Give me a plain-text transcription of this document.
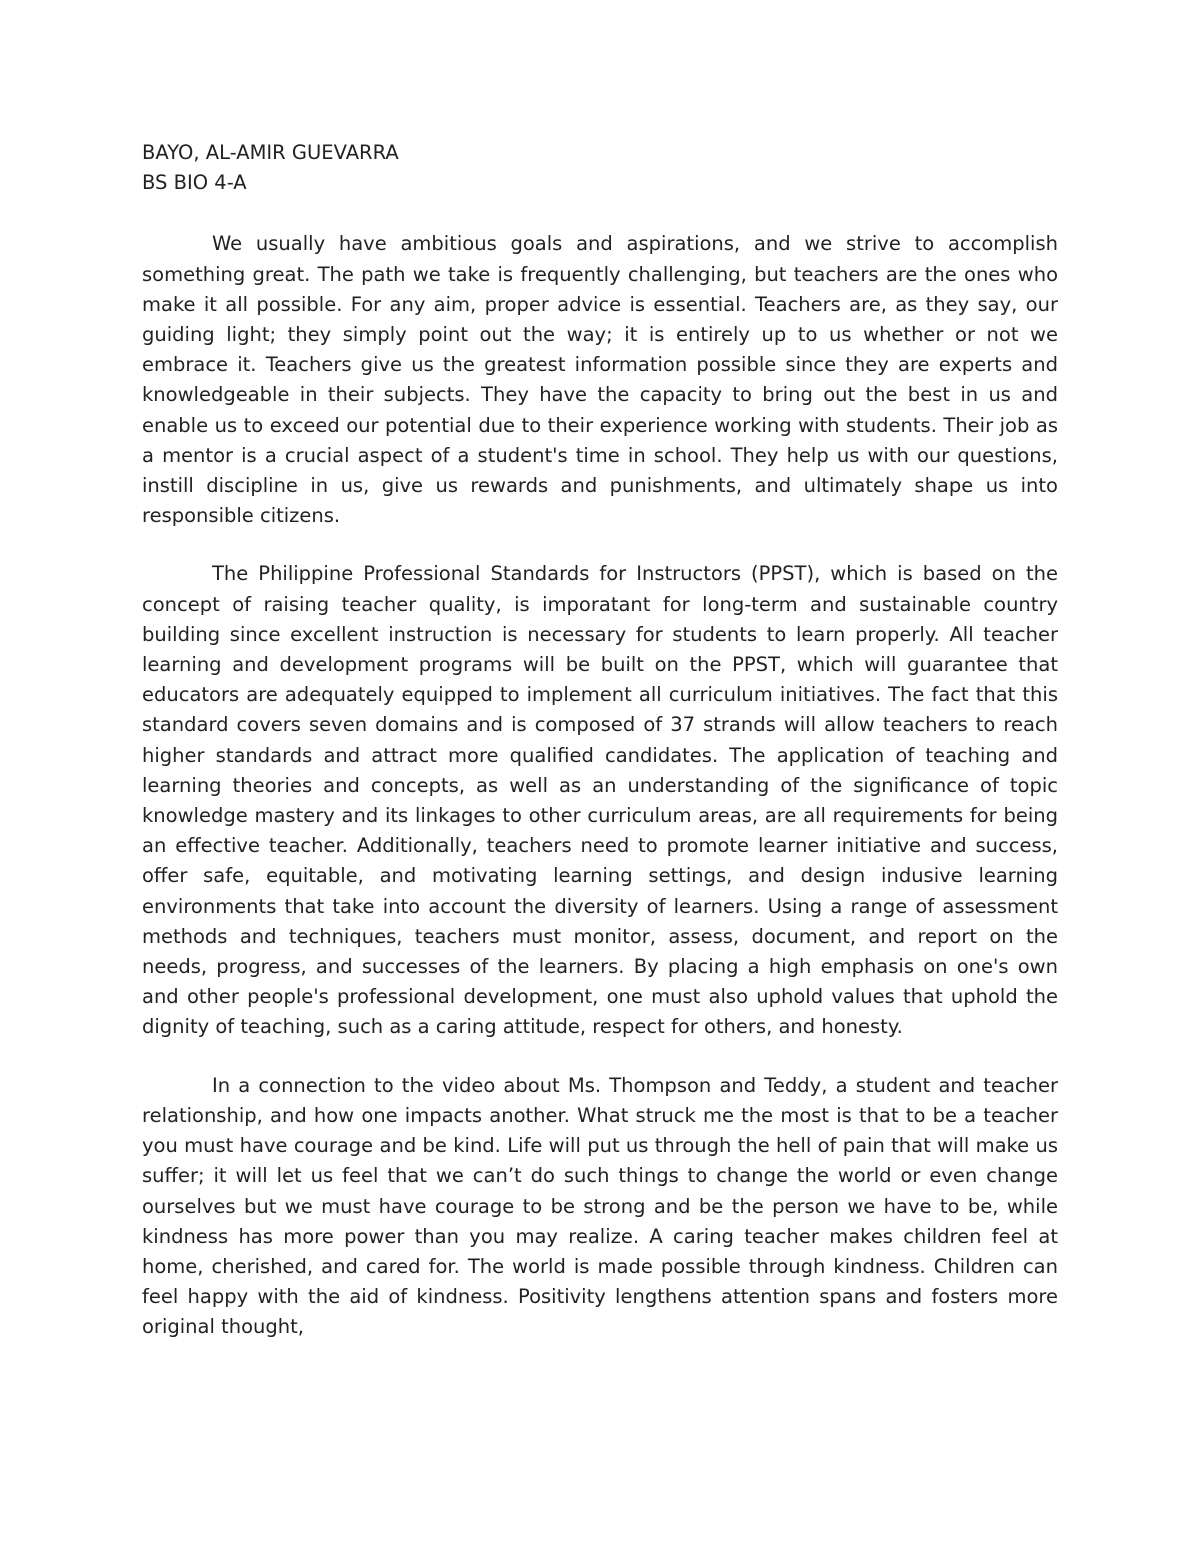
BAYO, AL-AMIR GUEVARRA

BS BIO 4-A

We usually have ambitious goals and aspirations, and we strive to accomplish something great. The path we take is frequently challenging, but teachers are the ones who make it all possible. For any aim, proper advice is essential. Teachers are, as they say, our guiding light; they simply point out the way; it is entirely up to us whether or not we embrace it. Teachers give us the greatest information possible since they are experts and knowledgeable in their subjects. They have the capacity to bring out the best in us and enable us to exceed our potential due to their experience working with students. Their job as a mentor is a crucial aspect of a student's time in school. They help us with our questions, instill discipline in us, give us rewards and punishments, and ultimately shape us into responsible citizens.

The Philippine Professional Standards for Instructors (PPST), which is based on the concept of raising teacher quality, is imporatant for long-term and sustainable country building since excellent instruction is necessary for students to learn properly. All teacher learning and development programs will be built on the PPST, which will guarantee that educators are adequately equipped to implement all curriculum initiatives. The fact that this standard covers seven domains and is composed of 37 strands will allow teachers to reach higher standards and attract more qualified candidates. The application of teaching and learning theories and concepts, as well as an understanding of the significance of topic knowledge mastery and its linkages to other curriculum areas, are all requirements for being an effective teacher. Additionally, teachers need to promote learner initiative and success, offer safe, equitable, and motivating learning settings, and design indusive learning environments that take into account the diversity of learners. Using a range of assessment methods and techniques, teachers must monitor, assess, document, and report on the needs, progress, and successes of the learners. By placing a high emphasis on one's own and other people's professional development, one must also uphold values that uphold the dignity of teaching, such as a caring attitude, respect for others, and honesty.

In a connection to the video about Ms. Thompson and Teddy, a student and teacher relationship, and how one impacts another. What struck me the most is that to be a teacher you must have courage and be kind. Life will put us through the hell of pain that will make us suffer; it will let us feel that we can’t do such things to change the world or even change ourselves but we must have courage to be strong and be the person we have to be, while kindness has more power than you may realize. A caring teacher makes children feel at home, cherished, and cared for. The world is made possible through kindness. Children can feel happy with the aid of kindness. Positivity lengthens attention spans and fosters more original thought,
